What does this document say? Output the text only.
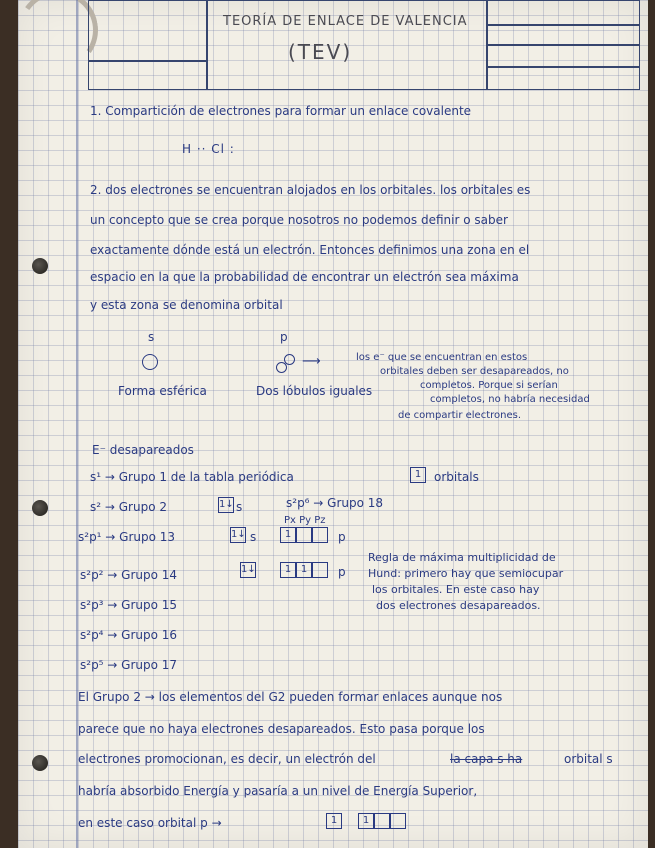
TEORÍA DE ENLACE DE VALENCIA
(TEV)
1. Compartición de electrones para formar un enlace covalente
H ·· Cl :
2. dos electrones se encuentran alojados en los orbitales. los orbitales es
un concepto que se crea porque nosotros no podemos definir o saber
exactamente dónde está un electrón. Entonces definimos una zona en el
espacio en la que la probabilidad de encontrar un electrón sea máxima
y esta zona se denomina orbital
s	p
⟶
Forma esférica	Dos lóbulos iguales
los e⁻ que se encuentran en estos
orbitales deben ser desapareados, no
completos. Porque si serían
completos, no habría necesidad
de compartir electrones.
E⁻ desapareados
s¹ → Grupo 1 de la tabla periódica	1	orbitals
s² → Grupo 2	1↓ s	s²p⁶ → Grupo 18
Px Py Pz
s²p¹ → Grupo 13	1↓ s	1	p
s²p² → Grupo 14	1↓	1 1	p
Regla de máxima multiplicidad de
Hund: primero hay que semiocupar
los orbitales. En este caso hay
dos electrones desapareados.
s²p³ → Grupo 15
s²p⁴ → Grupo 16
s²p⁵ → Grupo 17
El Grupo 2 → los elementos del G2 pueden formar enlaces aunque nos
parece que no haya electrones desapareados. Esto pasa porque los
electrones promocionan, es decir, un electrón del	la capa s ha	orbital s
habría absorbido Energía y pasaría a un nivel de Energía Superior,
en este caso orbital p →	1	1
